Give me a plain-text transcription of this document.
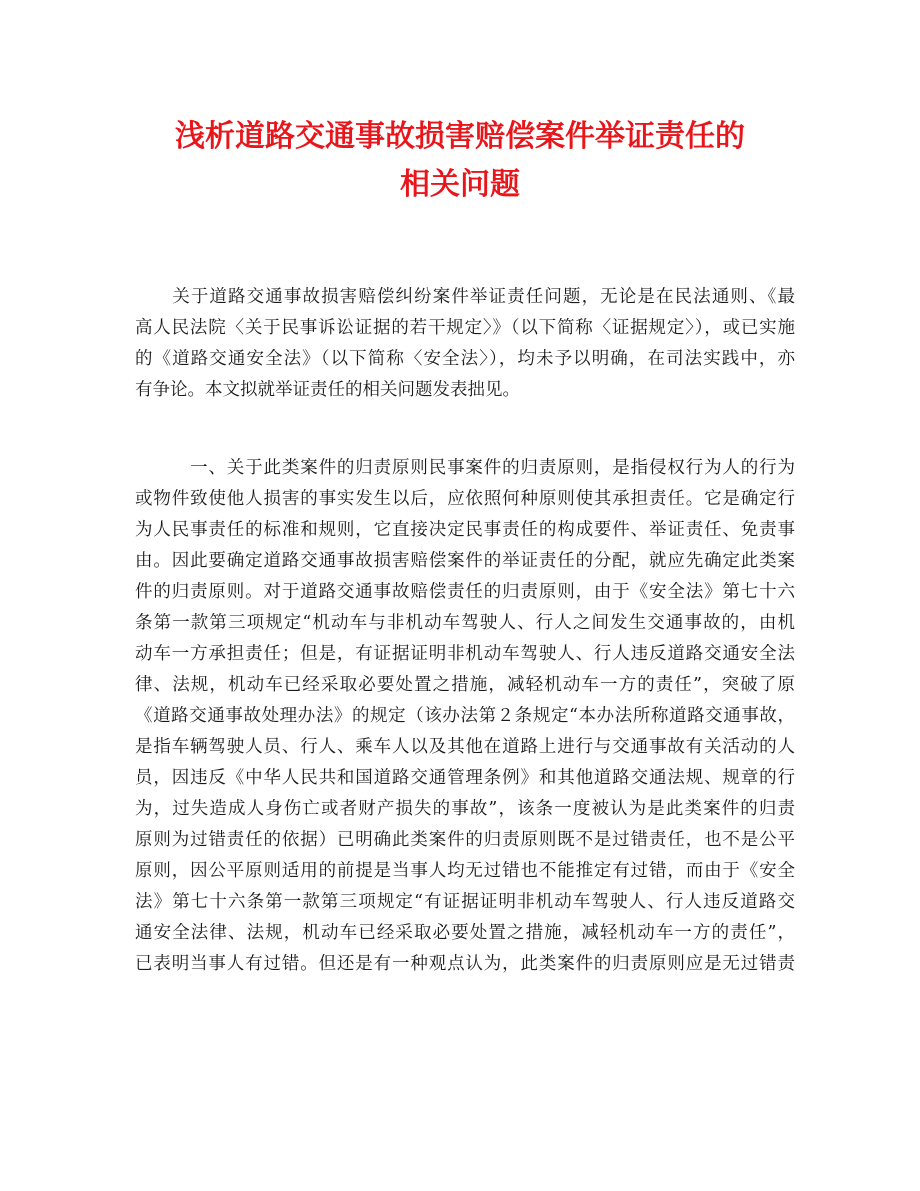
浅析道路交通事故损害赔偿案件举证责任的
相关问题

　　关于道路交通事故损害赔偿纠纷案件举证责任问题，无论是在民法通则、《最

高人民法院〈关于民事诉讼证据的若干规定〉》（以下简称〈证据规定〉），或已实施

的《道路交通安全法》（以下简称〈安全法〉），均未予以明确，在司法实践中，亦

有争论。本文拟就举证责任的相关问题发表拙见。

　　　一、关于此类案件的归责原则民事案件的归责原则，是指侵权行为人的行为

或物件致使他人损害的事实发生以后，应依照何种原则使其承担责任。它是确定行

为人民事责任的标准和规则，它直接决定民事责任的构成要件、举证责任、免责事

由。因此要确定道路交通事故损害赔偿案件的举证责任的分配，就应先确定此类案

件的归责原则。对于道路交通事故赔偿责任的归责原则，由于《安全法》第七十六

条第一款第三项规定“机动车与非机动车驾驶人、行人之间发生交通事故的，由机

动车一方承担责任；但是，有证据证明非机动车驾驶人、行人违反道路交通安全法

律、法规，机动车已经采取必要处置之措施，减轻机动车一方的责任”，突破了原

《道路交通事故处理办法》的规定（该办法第２条规定“本办法所称道路交通事故，

是指车辆驾驶人员、行人、乘车人以及其他在道路上进行与交通事故有关活动的人

员，因违反《中华人民共和国道路交通管理条例》和其他道路交通法规、规章的行

为，过失造成人身伤亡或者财产损失的事故”，该条一度被认为是此类案件的归责

原则为过错责任的依据）已明确此类案件的归责原则既不是过错责任，也不是公平

原则，因公平原则适用的前提是当事人均无过错也不能推定有过错，而由于《安全

法》第七十六条第一款第三项规定“有证据证明非机动车驾驶人、行人违反道路交

通安全法律、法规，机动车已经采取必要处置之措施，减轻机动车一方的责任”，

已表明当事人有过错。但还是有一种观点认为，此类案件的归责原则应是无过错责
